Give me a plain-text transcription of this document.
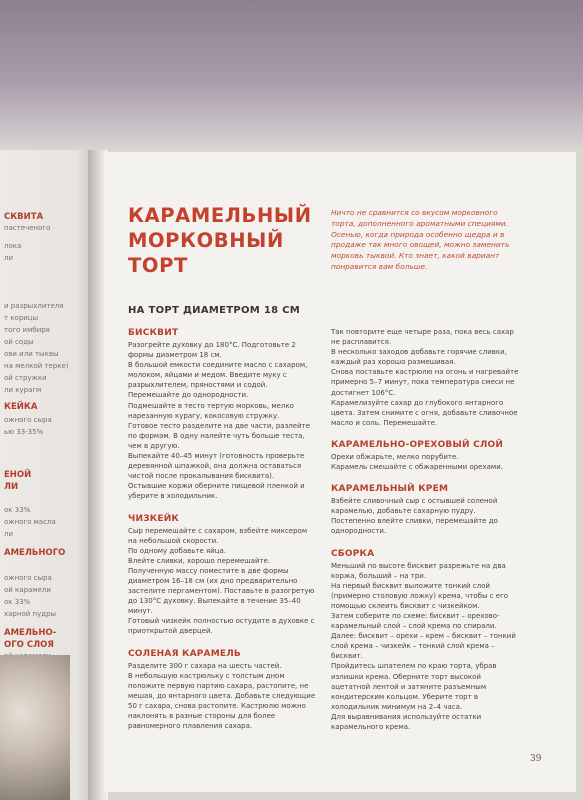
СКВИТА
пастеченого
лока
ли
и разрыхлителя
т корицы
того имбиря
ой соды
ови или тыквы
на мелкой терке)
ой стружки
ли курагм
КЕЙКА
ожного сыра
ью 33-35%
ЕНОЙ
ЛИ
ок 33%
ожного масла
ли
АМЕЛЬНОГО
ожного сыра
ой карамели
ок 33%
харной пудры
АМЕЛЬНО-
ОГО СЛОЯ
КАРАМЕЛЬНЫЙ МОРКОВНЫЙ ТОРТ
Ничто не сравнится со вкусом морковного торта, дополненного ароматными специями. Осенью, когда природа особенно щедра и в продаже так много овощей, можно заменить морковь тыквой. Кто знает, какой вариант понравится вам больше.
НА ТОРТ ДИАМЕТРОМ 18 СМ
БИСКВИТ

Разогрейте духовку до 180°С. Подготовьте 2 формы диаметром 18 см.
В большой емкости соедините масло с сахаром, молоком, яйцами и медом. Введите муку с разрыхлителем, пряностями и содой. Перемешайте до однородности.
Подмешайте в тесто тертую морковь, мелко нарезанную курагу, кокосовую стружку.
Готовое тесто разделите на две части, разлейте по формам. В одну налейте чуть больше теста, чем в другую.
Выпекайте 40–45 минут (готовность проверьте деревянной шпажкой, она должна оставаться чистой после прокалывания бисквита).
Остывшие коржи оберните пищевой пленкой и уберите в холодильник.

ЧИЗКЕЙК

Сыр перемешайте с сахаром, взбейте миксером на небольшой скорости.
По одному добавьте яйца.
Влейте сливки, хорошо перемешайте.
Полученную массу поместите в две формы диаметром 16–18 см (их дно предварительно застелите пергаментом). Поставьте в разогретую до 130°С духовку. Выпекайте в течение 35–40 минут.
Готовый чизкейк полностью остудите в духовке с приоткрытой дверцей.

СОЛЕНАЯ КАРАМЕЛЬ

Разделите 300 г сахара на шесть частей.
В небольшую кастрюльку с толстым дном положите первую партию сахара, растопите, не мешая, до янтарного цвета. Добавьте следующие 50 г сахара, снова растопите. Кастрюлю можно наклонять в разные стороны для более равномерного плавления сахара.

Так повторите еще четыре раза, пока весь сахар не расплавится.
В несколько заходов добавьте горячие сливки, каждый раз хорошо размешивая.
Снова поставьте кастрюлю на огонь и нагревайте примерно 5–7 минут, пока температура смеси не достигнет 106°С.
Карамелизуйте сахар до глубокого янтарного цвета. Затем снимите с огня, добавьте сливочное масло и соль. Перемешайте.

КАРАМЕЛЬНО-ОРЕХОВЫЙ СЛОЙ

Орехи обжарьте, мелко порубите.
Карамель смешайте с обжаренными орехами.

КАРАМЕЛЬНЫЙ КРЕМ

Взбейте сливочный сыр с остывшей соленой карамелью, добавьте сахарную пудру.
Постепенно влейте сливки, перемешайте до однородности.

СБОРКА

Меньший по высоте бисквит разрежьте на два коржа, больший – на три.
На первый бисквит выложите тонкий слой (примерно столовую ложку) крема, чтобы с его помощью склеить бисквит с чизкейком.
Затем соберите по схеме: бисквит – орехово-карамельный слой – слой крема по спирали.
Далее: бисквит – орехи – крем – бисквит – тонкий слой крема – чизкейк – тонкий слой крема – бисквит.
Пройдитесь шпателем по краю торта, убрав излишки крема. Оберните торт высокой ацетатной лентой и затяните разъемным кондитерским кольцом. Уберите торт в холодильник минимум на 2–4 часа.
Для выравнивания используйте остатки карамельного крема.

39
